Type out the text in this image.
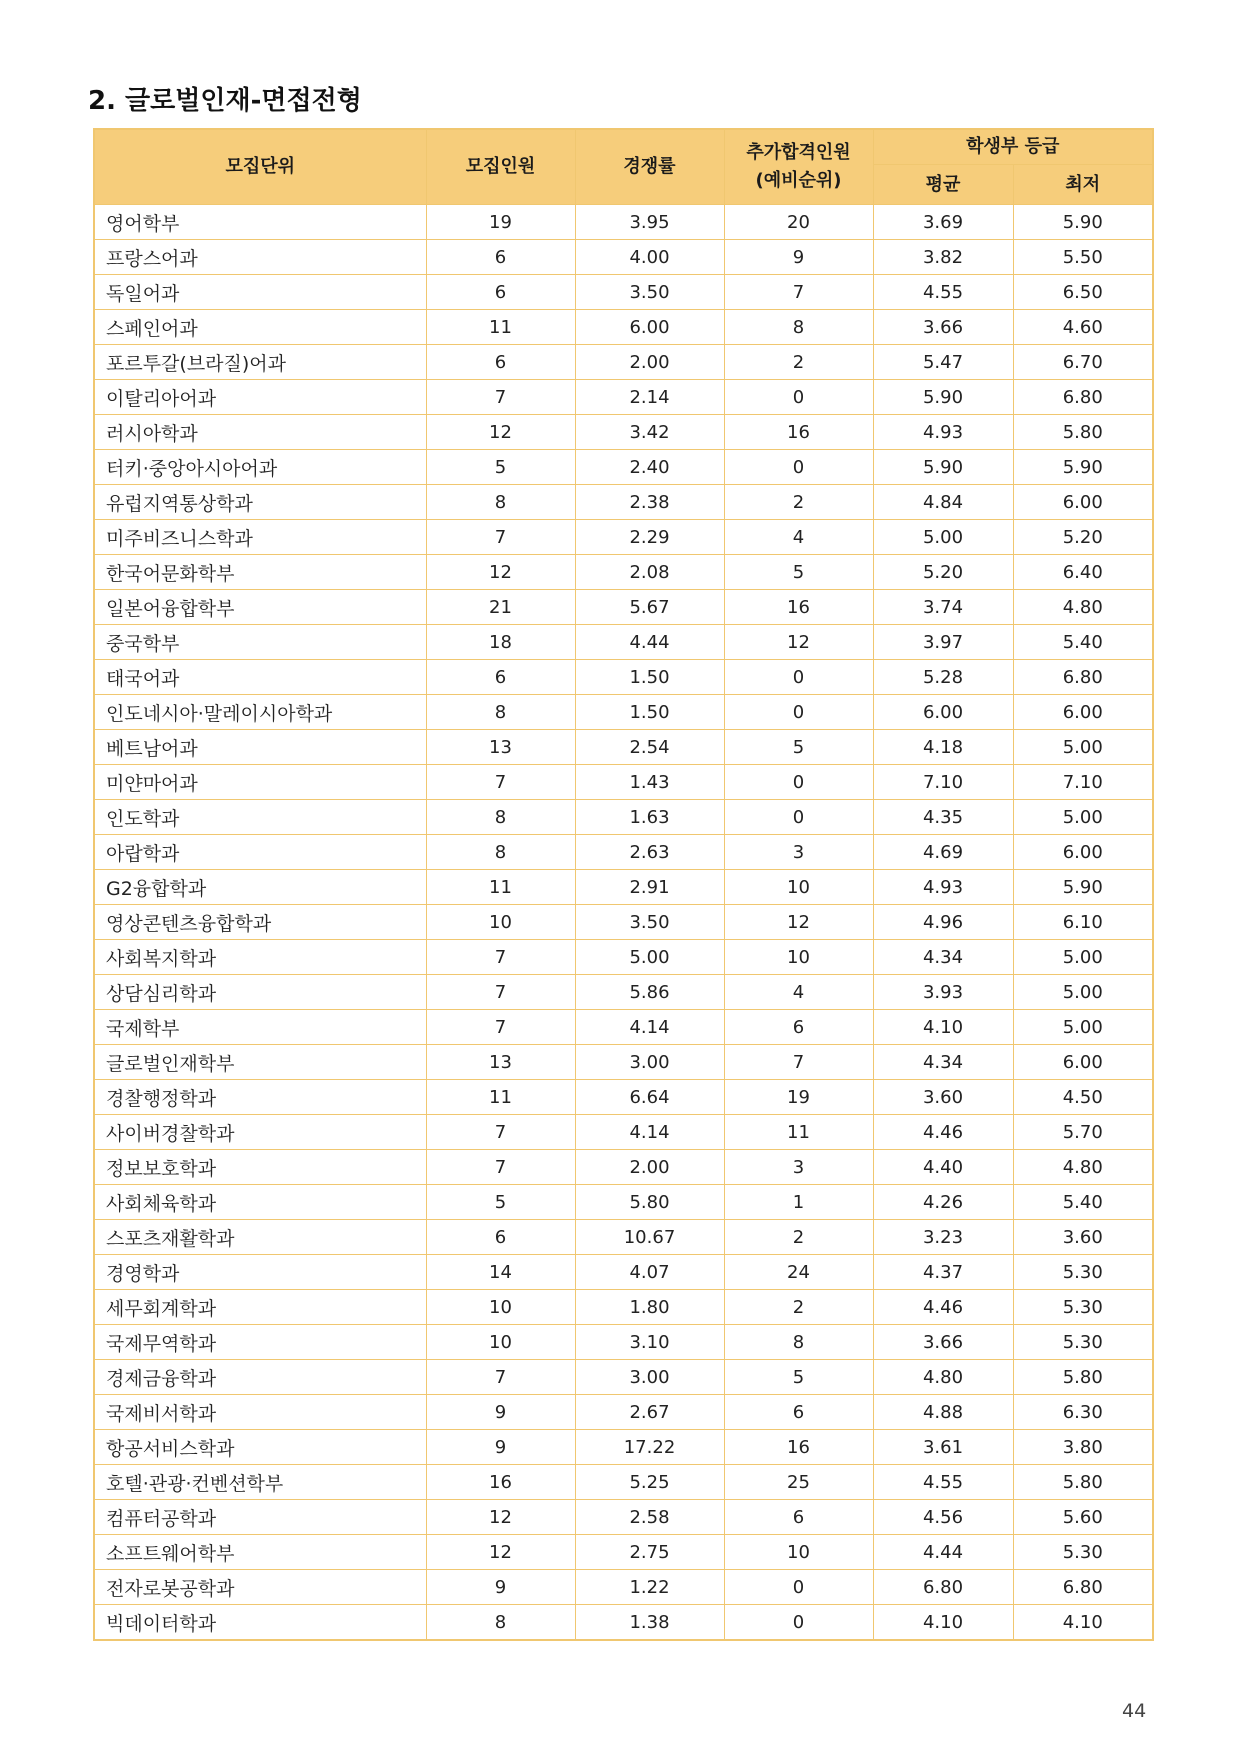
2. 글로벌인재-면접전형
모집단위	모집인원	경쟁률	추가합격인원
(예비순위)	학생부 등급	
				평균	최저
영어학부	19	3.95	20	3.69	5.90
프랑스어과	6	4.00	9	3.82	5.50
독일어과	6	3.50	7	4.55	6.50
스페인어과	11	6.00	8	3.66	4.60
포르투갈(브라질)어과	6	2.00	2	5.47	6.70
이탈리아어과	7	2.14	0	5.90	6.80
러시아학과	12	3.42	16	4.93	5.80
터키·중앙아시아어과	5	2.40	0	5.90	5.90
유럽지역통상학과	8	2.38	2	4.84	6.00
미주비즈니스학과	7	2.29	4	5.00	5.20
한국어문화학부	12	2.08	5	5.20	6.40
일본어융합학부	21	5.67	16	3.74	4.80
중국학부	18	4.44	12	3.97	5.40
태국어과	6	1.50	0	5.28	6.80
인도네시아·말레이시아학과	8	1.50	0	6.00	6.00
베트남어과	13	2.54	5	4.18	5.00
미얀마어과	7	1.43	0	7.10	7.10
인도학과	8	1.63	0	4.35	5.00
아랍학과	8	2.63	3	4.69	6.00
G2융합학과	11	2.91	10	4.93	5.90
영상콘텐츠융합학과	10	3.50	12	4.96	6.10
사회복지학과	7	5.00	10	4.34	5.00
상담심리학과	7	5.86	4	3.93	5.00
국제학부	7	4.14	6	4.10	5.00
글로벌인재학부	13	3.00	7	4.34	6.00
경찰행정학과	11	6.64	19	3.60	4.50
사이버경찰학과	7	4.14	11	4.46	5.70
정보보호학과	7	2.00	3	4.40	4.80
사회체육학과	5	5.80	1	4.26	5.40
스포츠재활학과	6	10.67	2	3.23	3.60
경영학과	14	4.07	24	4.37	5.30
세무회계학과	10	1.80	2	4.46	5.30
국제무역학과	10	3.10	8	3.66	5.30
경제금융학과	7	3.00	5	4.80	5.80
국제비서학과	9	2.67	6	4.88	6.30
항공서비스학과	9	17.22	16	3.61	3.80
호텔·관광·컨벤션학부	16	5.25	25	4.55	5.80
컴퓨터공학과	12	2.58	6	4.56	5.60
소프트웨어학부	12	2.75	10	4.44	5.30
전자로봇공학과	9	1.22	0	6.80	6.80
빅데이터학과	8	1.38	0	4.10	4.10
44
